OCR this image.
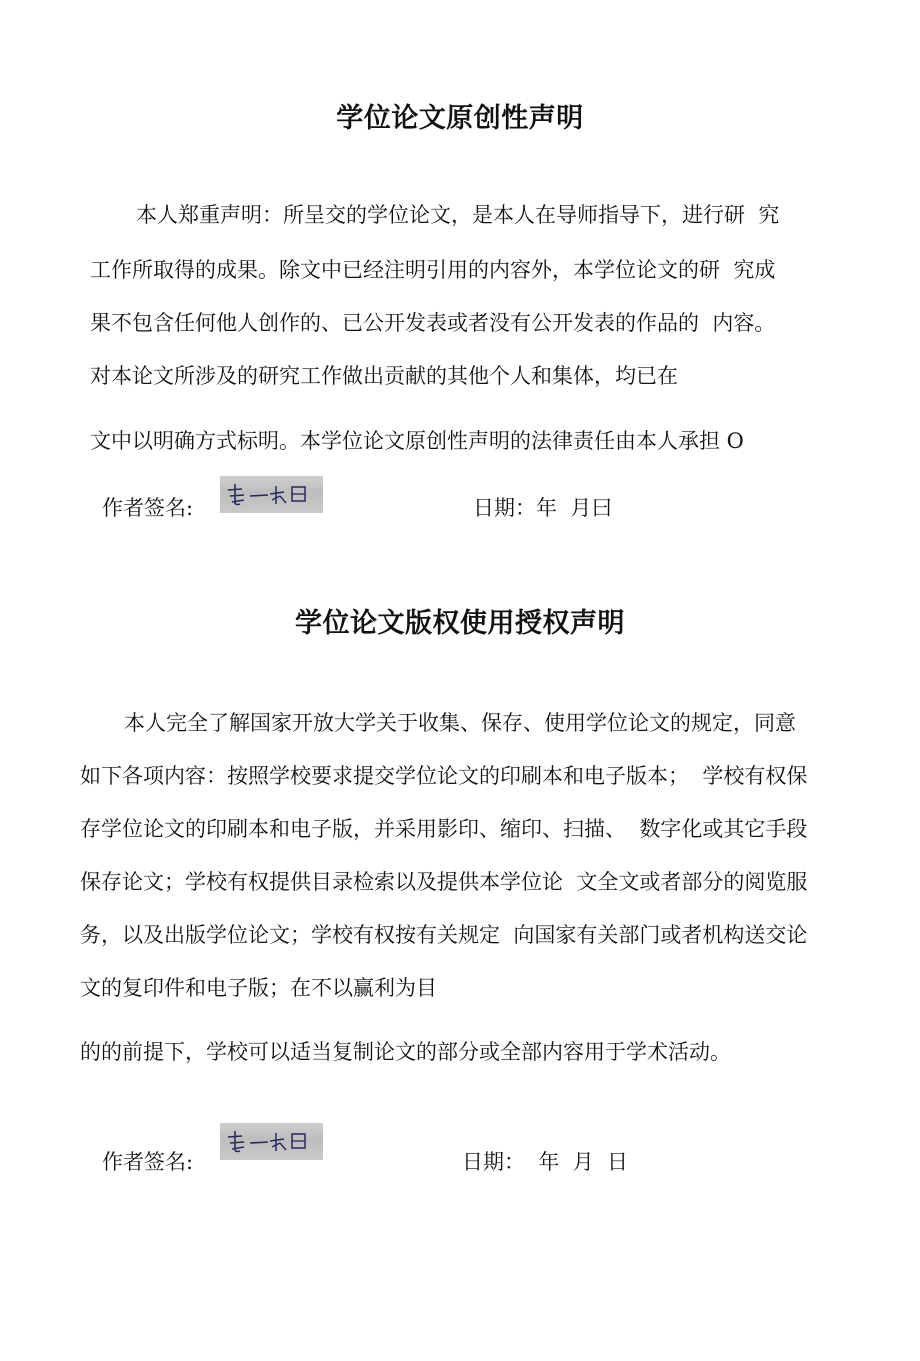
学位论文原创性声明

本人郑重声明：所呈交的学位论文，是本人在导师指导下，进行研  究

工作所取得的成果。除文中已经注明引用的内容外，本学位论文的研  究成

果不包含任何他人创作的、已公开发表或者没有公开发表的作品的  内容。

对本论文所涉及的研究工作做出贡献的其他个人和集体，均已在

文中以明确方式标明。本学位论文原创性声明的法律责任由本人承担 O

作者签名:	日期：年  月曰
学位论文版权使用授权声明

本人完全了解国家开放大学关于收集、保存、使用学位论文的规定，同意

如下各项内容：按照学校要求提交学位论文的印刷本和电子版本；  学校有权保

存学位论文的印刷本和电子版，并采用影印、缩印、扫描、  数字化或其它手段

保存论文；学校有权提供目录检索以及提供本学位论  文全文或者部分的阅览服

务，以及出版学位论文；学校有权按有关规定  向国家有关部门或者机构送交论

文的复印件和电子版；在不以赢利为目

的的前提下，学校可以适当复制论文的部分或全部内容用于学术活动。

作者签名:	日期：  年  月  日
